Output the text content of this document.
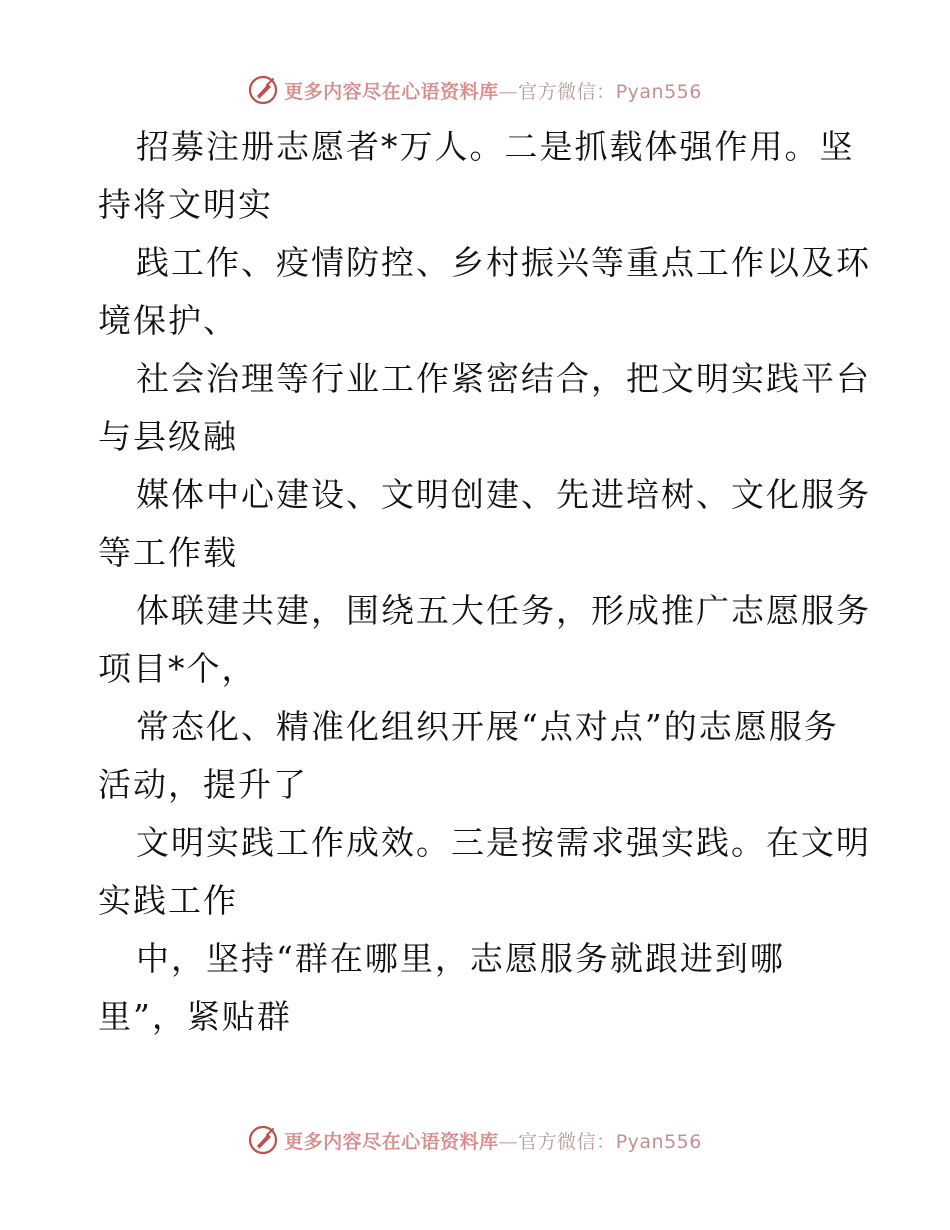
更多内容尽在心语资料库—官方微信：Pyan556
招募注册志愿者*万人。二是抓载体强作用。坚
持将文明实
践工作、疫情防控、乡村振兴等重点工作以及环
境保护、
社会治理等行业工作紧密结合，把文明实践平台
与县级融
媒体中心建设、文明创建、先进培树、文化服务
等工作载
体联建共建，围绕五大任务，形成推广志愿服务
项目*个，
常态化、精准化组织开展“点对点”的志愿服务
活动，提升了
文明实践工作成效。三是按需求强实践。在文明
实践工作
中，坚持“群在哪里，志愿服务就跟进到哪
里”，紧贴群
更多内容尽在心语资料库—官方微信：Pyan556
